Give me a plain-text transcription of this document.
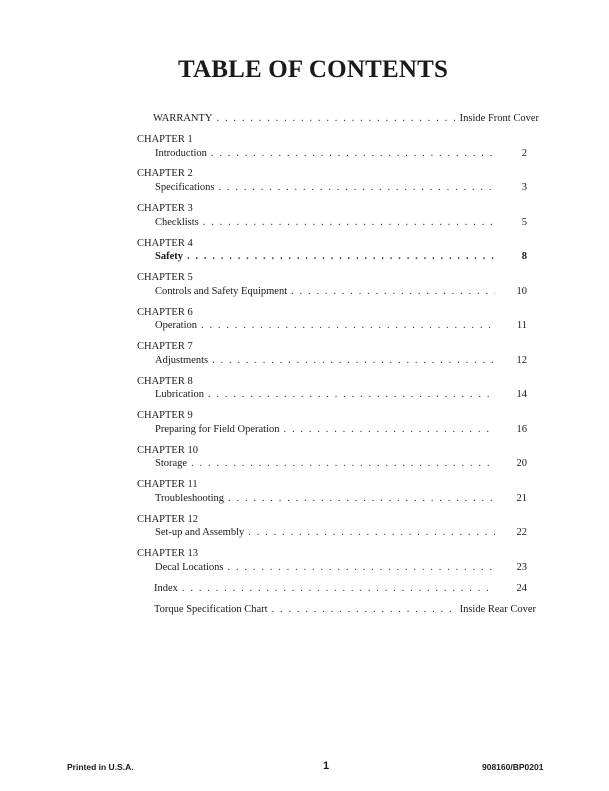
TABLE OF CONTENTS
WARRANTY . . .	Inside Front Cover
CHAPTER 1
Introduction . . .	2
CHAPTER 2
Specifications . . .	3
CHAPTER 3
Checklists . . .	5
CHAPTER 4
Safety . . .	8
CHAPTER 5
Controls and Safety Equipment . . .	10
CHAPTER 6
Operation . . .	11
CHAPTER 7
Adjustments . . .	12
CHAPTER 8
Lubrication . . .	14
CHAPTER 9
Preparing for Field Operation . . .	16
CHAPTER 10
Storage . . .	20
CHAPTER 11
Troubleshooting . . .	21
CHAPTER 12
Set-up and Assembly . . .	22
CHAPTER 13
Decal Locations . . .	23
Index . . .	24
Torque Specification Chart . . .	Inside Rear Cover
Printed in U.S.A.	1	908160/BP0201
